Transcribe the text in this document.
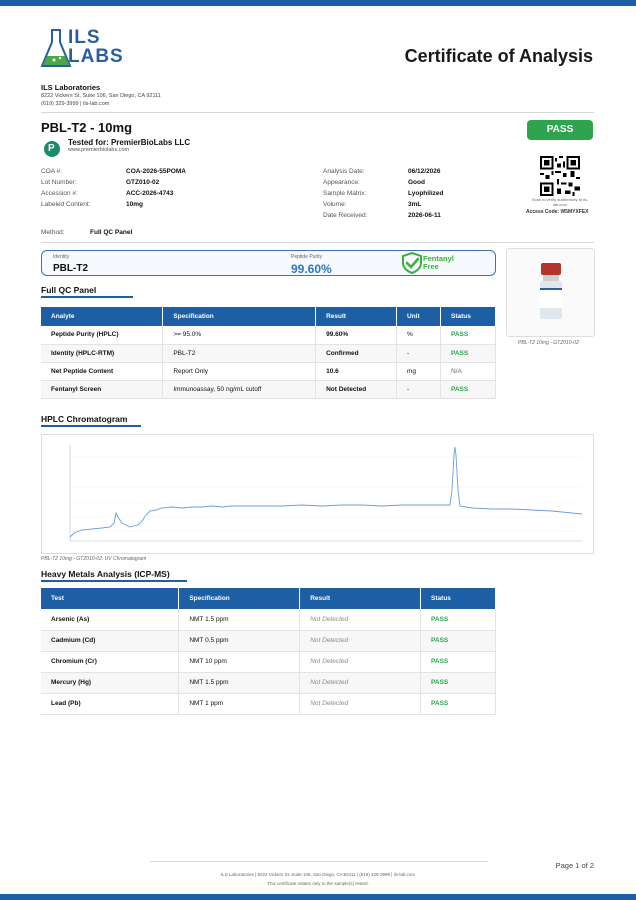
ILS LABS	Certificate of Analysis
ILS Laboratories
8222 Vickers St, Suite 106, San Diego, CA 92111
(619) 329-3999 | ils-lab.com
PBL-T2 - 10mg
P
Tested for: PremierBioLabs LLC
www.premierbiolabs.com
PASS
Scan to verify authenticity at ils-lab.com
Access Code: W5MYXFEX
COA #:	COA-2026-55POMA
Lot Number:	GTZ010-02
Accession #:	ACC-2026-4743
Labeled Content:	10mg
Analysis Date:	06/12/2026
Appearance:	Good
Sample Matrix:	Lyophilized
Volume:	3mL
Date Received:	2026-06-11
Method:	Full QC Panel
Identity
PBL-T2
Peptide Purity
99.60%
Fentanyl
Free
PBL-T2 10mg - GTZ010-02
Full QC Panel
Analyte	Specification	Result	Unit	Status
Peptide Purity (HPLC)	>= 95.0%	99.60%	%	PASS
Identity (HPLC-RTM)	PBL-T2	Confirmed	-	PASS
Net Peptide Content	Report Only	10.6	mg	N/A
Fentanyl Screen	Immunoassay, 50 ng/mL cutoff	Not Detected	-	PASS
HPLC Chromatogram
PBL-T2 10mg - GTZ010-02: UV Chromatogram
Heavy Metals Analysis (ICP-MS)
Test	Specification	Result	Status
Arsenic (As)	NMT 1.5 ppm	Not Detected	PASS
Cadmium (Cd)	NMT 0.5 ppm	Not Detected	PASS
Chromium (Cr)	NMT 10 ppm	Not Detected	PASS
Mercury (Hg)	NMT 1.5 ppm	Not Detected	PASS
Lead (Pb)	NMT 1 ppm	Not Detected	PASS
Page 1 of 2
ILS Laboratories | 8222 Vickers St, Suite 106, San Diego, CA 92111 | (619) 329-3999 | ils-lab.com
This certificate relates only to the sample(s) tested.
